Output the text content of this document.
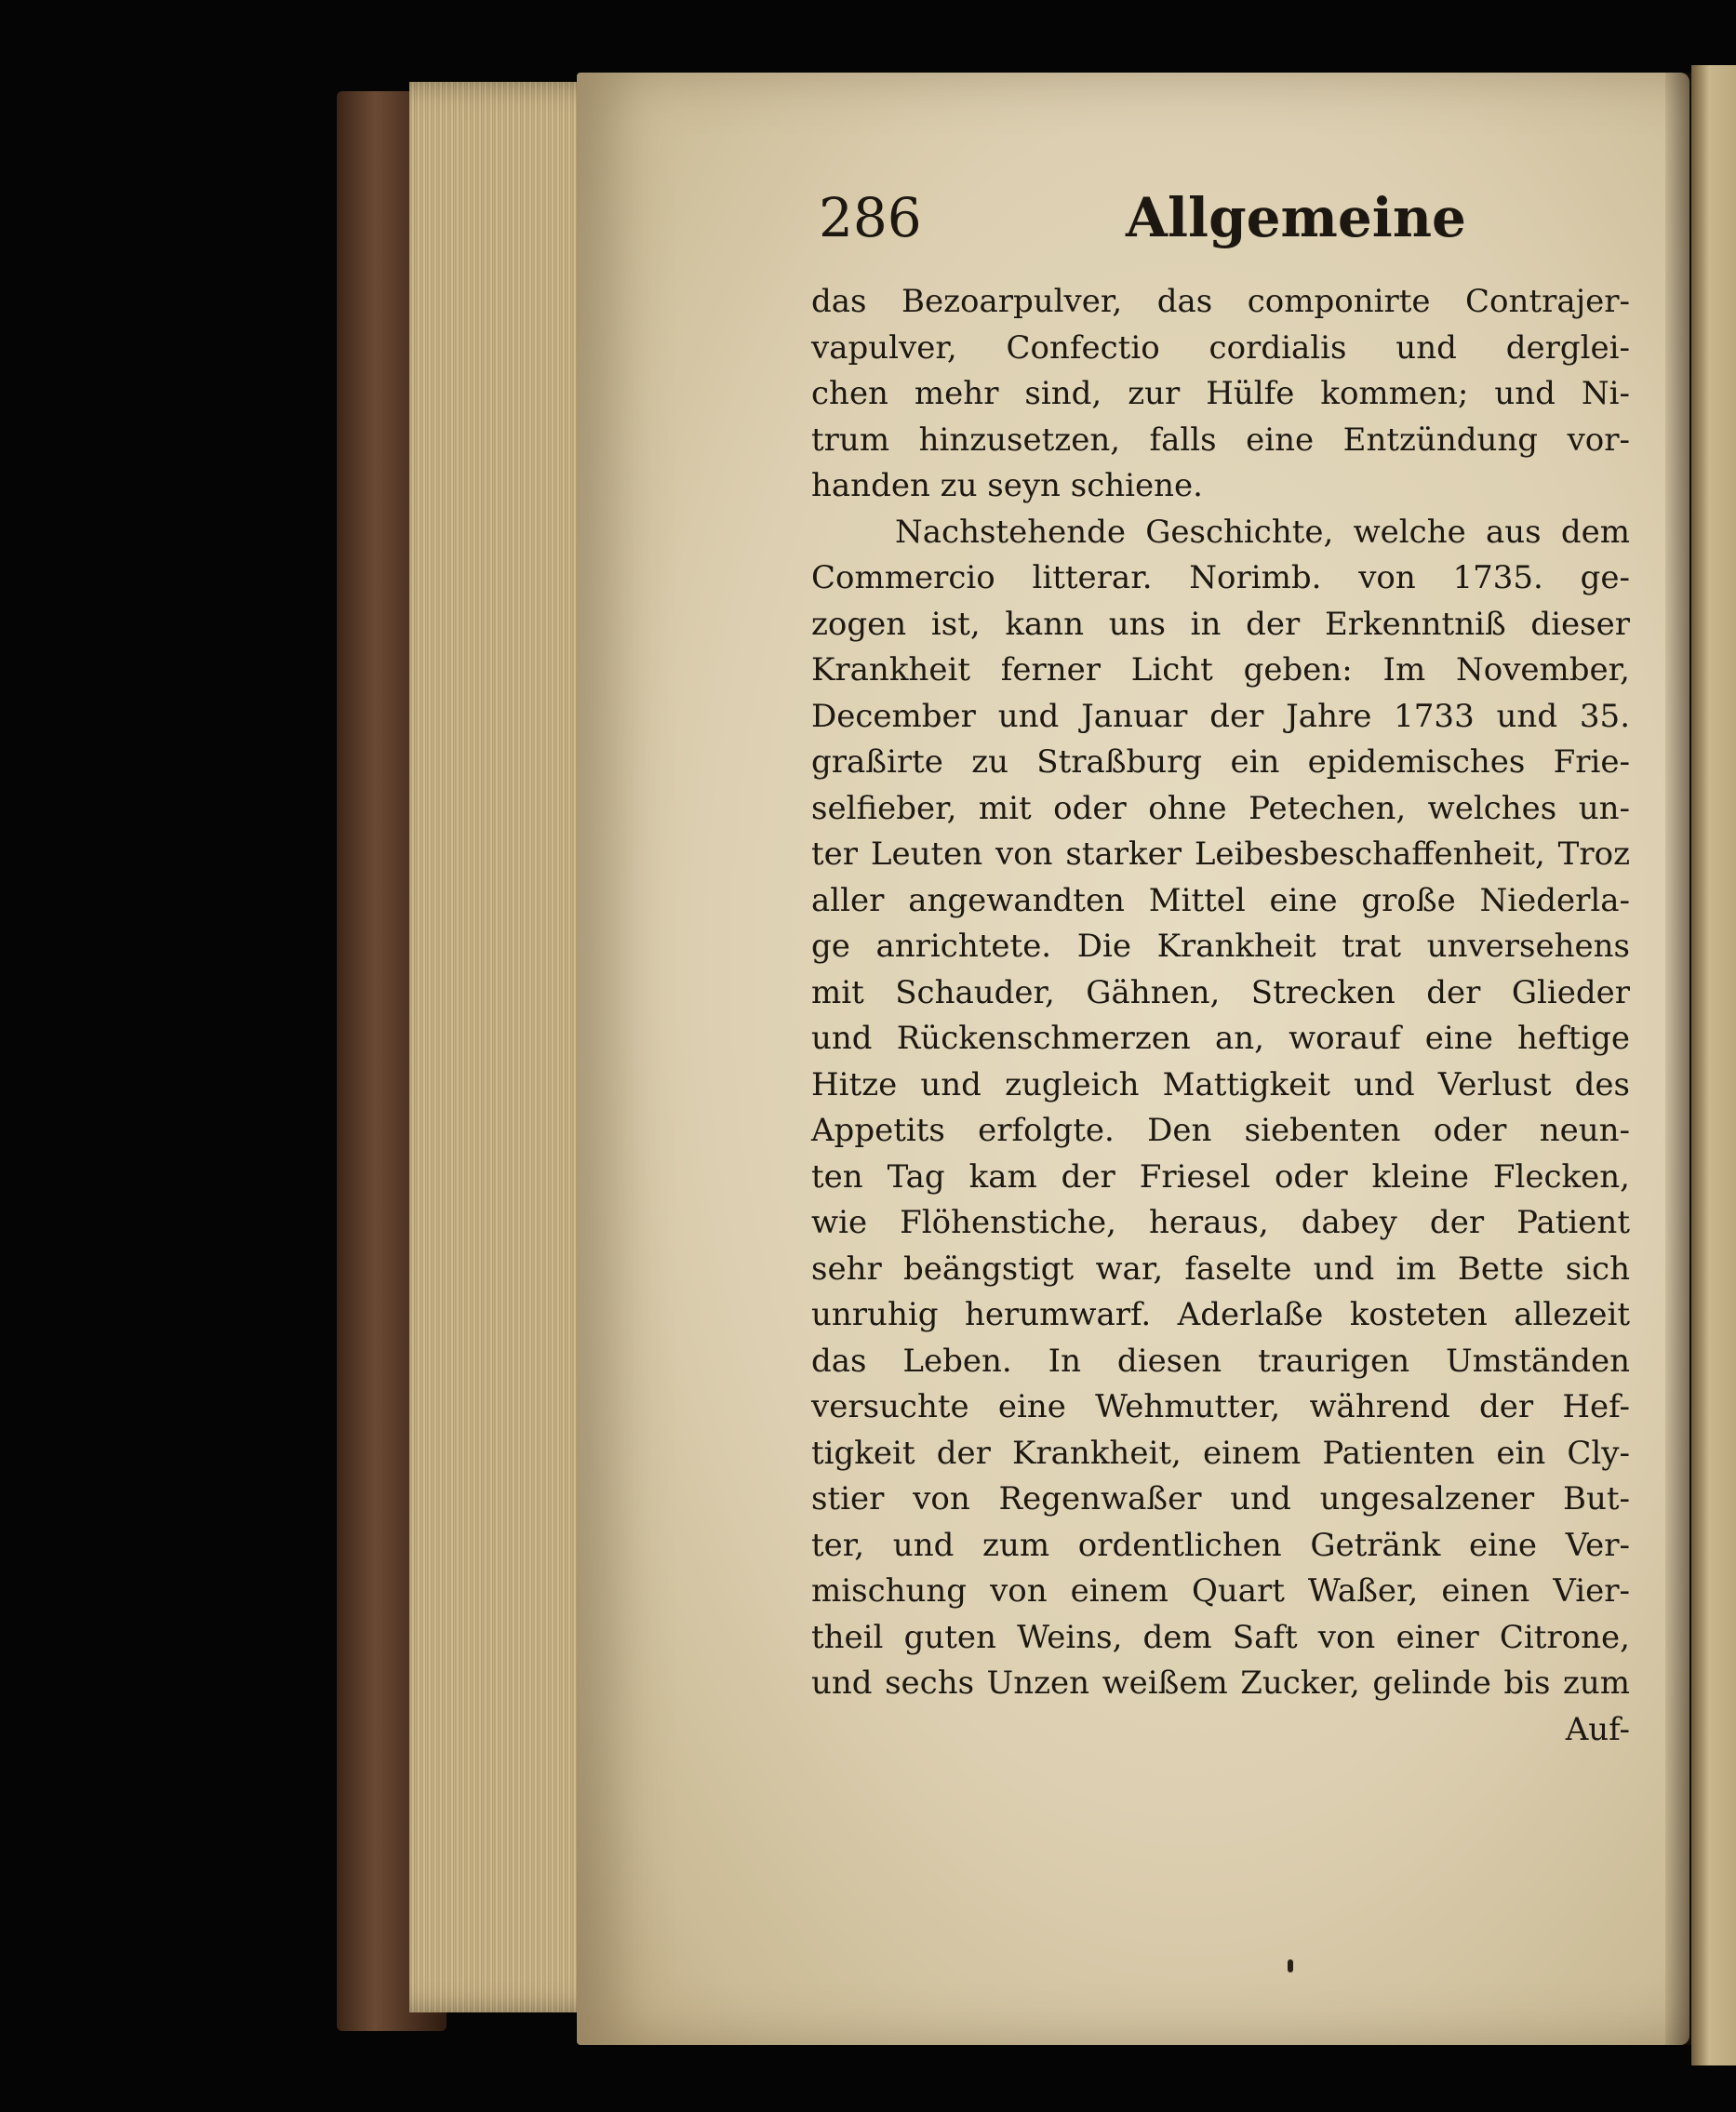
286	Allgemeine
das Bezoarpulver, das componirte Contrajer-
vapulver, Confectio cordialis und derglei-
chen mehr sind, zur Hülfe kommen; und Ni-
trum hinzusetzen, falls eine Entzündung vor-
handen zu seyn schiene.
Nachstehende Geschichte, welche aus dem
Commercio litterar. Norimb. von 1735. ge-
zogen ist, kann uns in der Erkenntniß dieser
Krankheit ferner Licht geben: Im November,
December und Januar der Jahre 1733 und 35.
graßirte zu Straßburg ein epidemisches Frie-
selfieber, mit oder ohne Petechen, welches un-
ter Leuten von starker Leibesbeschaffenheit, Troz
aller angewandten Mittel eine große Niederla-
ge anrichtete. Die Krankheit trat unversehens
mit Schauder, Gähnen, Strecken der Glieder
und Rückenschmerzen an, worauf eine heftige
Hitze und zugleich Mattigkeit und Verlust des
Appetits erfolgte. Den siebenten oder neun-
ten Tag kam der Friesel oder kleine Flecken,
wie Flöhenstiche, heraus, dabey der Patient
sehr beängstigt war, faselte und im Bette sich
unruhig herumwarf. Aderlaße kosteten allezeit
das Leben. In diesen traurigen Umständen
versuchte eine Wehmutter, während der Hef-
tigkeit der Krankheit, einem Patienten ein Cly-
stier von Regenwaßer und ungesalzener But-
ter, und zum ordentlichen Getränk eine Ver-
mischung von einem Quart Waßer, einen Vier-
theil guten Weins, dem Saft von einer Citrone,
und sechs Unzen weißem Zucker, gelinde bis zum
Auf-
